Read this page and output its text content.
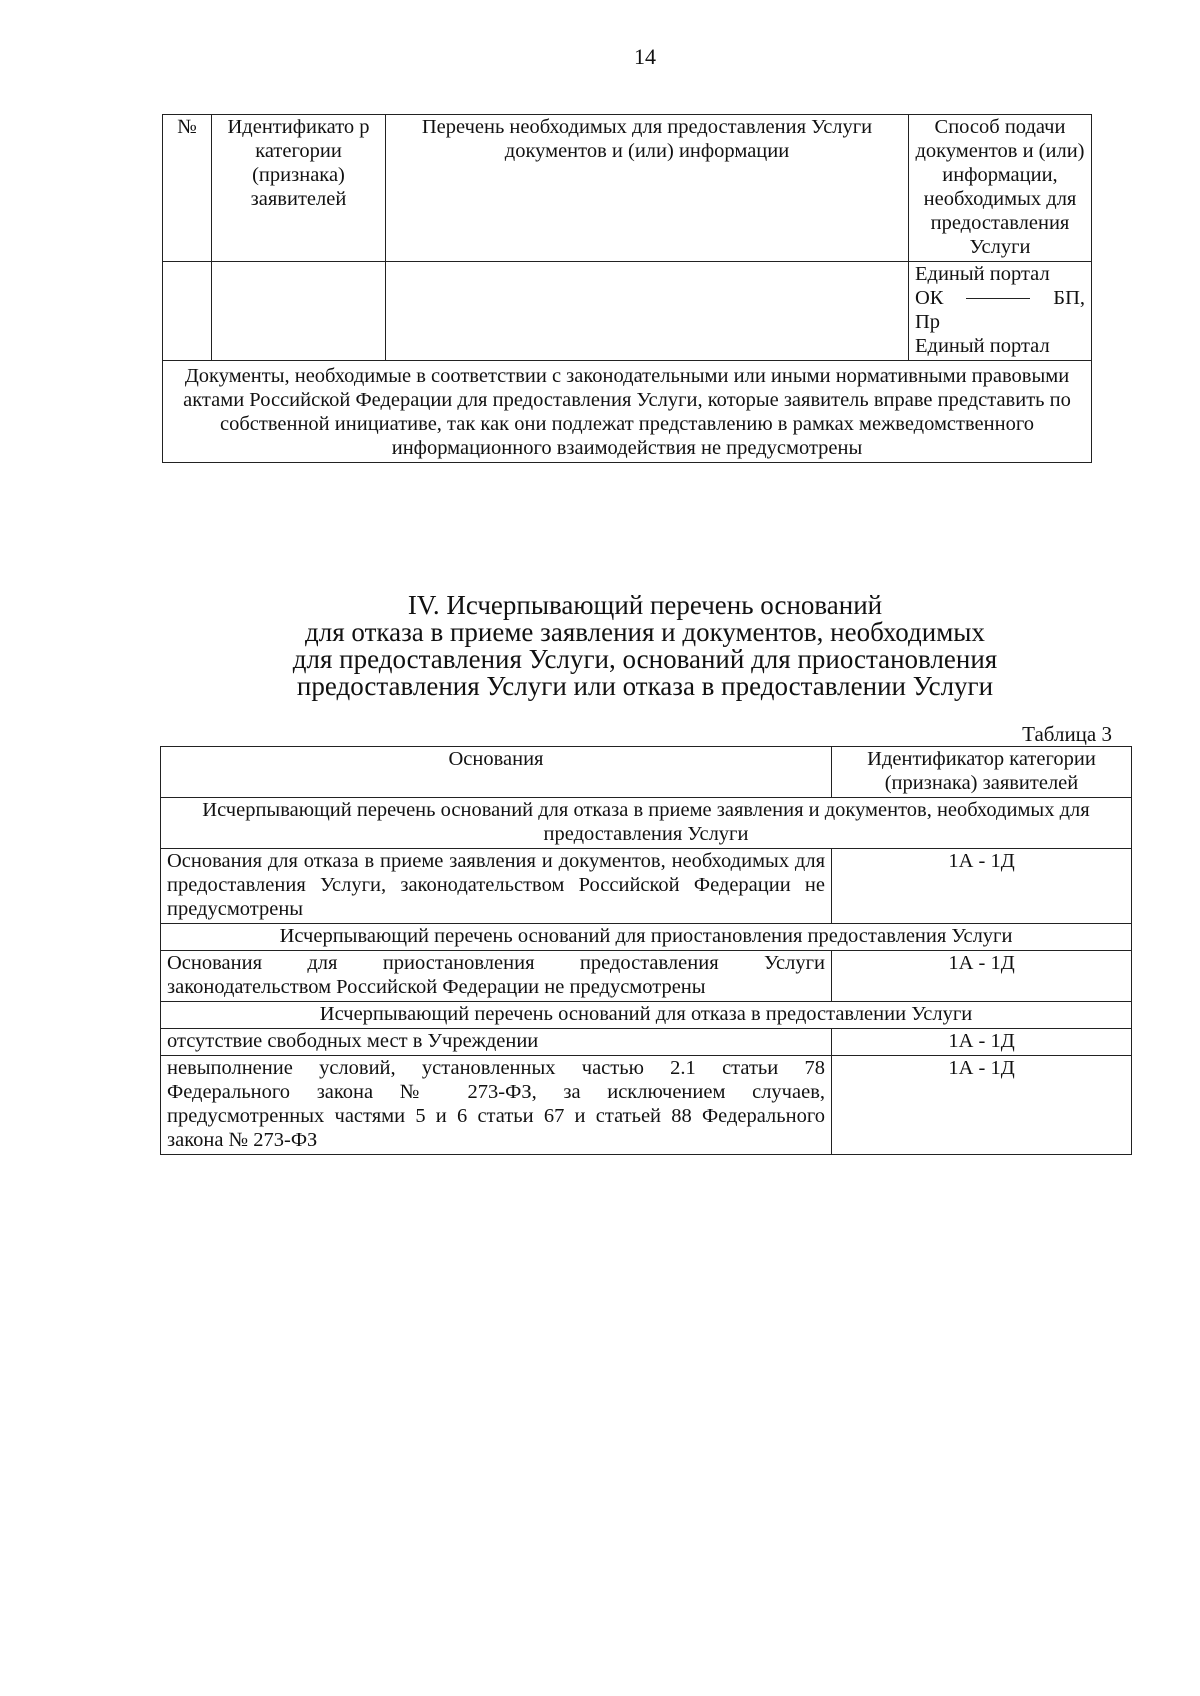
14
№	Идентификато р категории (признака) заявителей	Перечень необходимых для предоставления Услуги документов и (или) информации	Способ подачи документов и (или) информации, необходимых для предоставления Услуги

			Единый портал
ОК БП,
Пр
Единый портал

Документы, необходимые в соответствии с законодательными или иными нормативными правовыми актами Российской Федерации для предоставления Услуги, которые заявитель вправе представить по собственной инициативе, так как они подлежат представлению в рамках межведомственного информационного взаимодействия не предусмотрены			
IV. Исчерпывающий перечень оснований
для отказа в приеме заявления и документов, необходимых
для предоставления Услуги, оснований для приостановления
предоставления Услуги или отказа в предоставлении Услуги
Таблица 3
Основания	Идентификатор категории (признака) заявителей
Исчерпывающий перечень оснований для отказа в приеме заявления и документов, необходимых для предоставления Услуги	
Основания для отказа в приеме заявления и документов, необходимых для предоставления Услуги, законодательством Российской Федерации не предусмотрены	1А - 1Д
Исчерпывающий перечень оснований для приостановления предоставления Услуги	
Основания для приостановления предоставления Услуги законодательством Российской Федерации не предусмотрены	1А - 1Д
Исчерпывающий перечень оснований для отказа в предоставлении Услуги	
отсутствие свободных мест в Учреждении	1А - 1Д
невыполнение условий, установленных частью 2.1 статьи 78 Федерального закона № 273-ФЗ, за исключением случаев, предусмотренных частями 5 и 6 статьи 67 и статьей 88 Федерального закона № 273-ФЗ	1А - 1Д
